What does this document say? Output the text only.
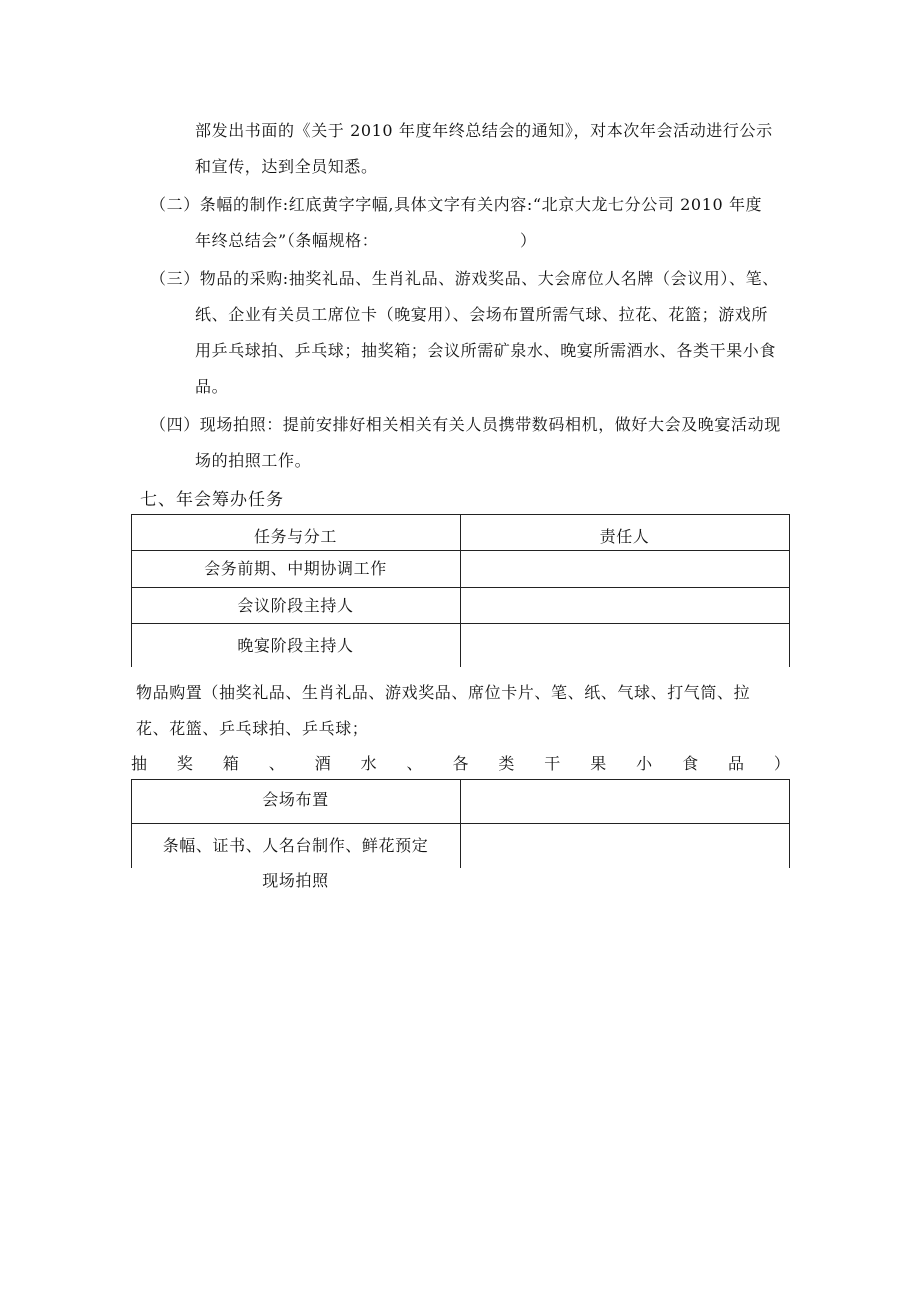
部发出书面的《关于 2010 年度年终总结会的通知》，对本次年会活动进行公示
和宣传，达到全员知悉。
（二）条幅的制作:红底黄字字幅,具体文字有关内容:“北京大龙七分公司 2010 年度
年终总结会”（条幅规格：	）
（三）物品的采购:抽奖礼品、生肖礼品、游戏奖品、大会席位人名牌（会议用）、笔、
纸、企业有关员工席位卡（晚宴用）、会场布置所需气球、拉花、花篮；游戏所
用乒乓球拍、乒乓球；抽奖箱；会议所需矿泉水、晚宴所需酒水、各类干果小食
品。
（四）现场拍照：提前安排好相关相关有关人员携带数码相机，做好大会及晚宴活动现
场的拍照工作。
七、年会筹办任务
任务与分工	责任人
会务前期、中期协调工作
会议阶段主持人
晚宴阶段主持人
物品购置（抽奖礼品、生肖礼品、游戏奖品、席位卡片、笔、纸、气球、打气筒、拉
花、花篮、乒乓球拍、乒乓球；
抽 奖 箱 、 酒 水 、 各 类 干 果 小 食 品 ）
会场布置
条幅、证书、人名台制作、鲜花预定
现场拍照
